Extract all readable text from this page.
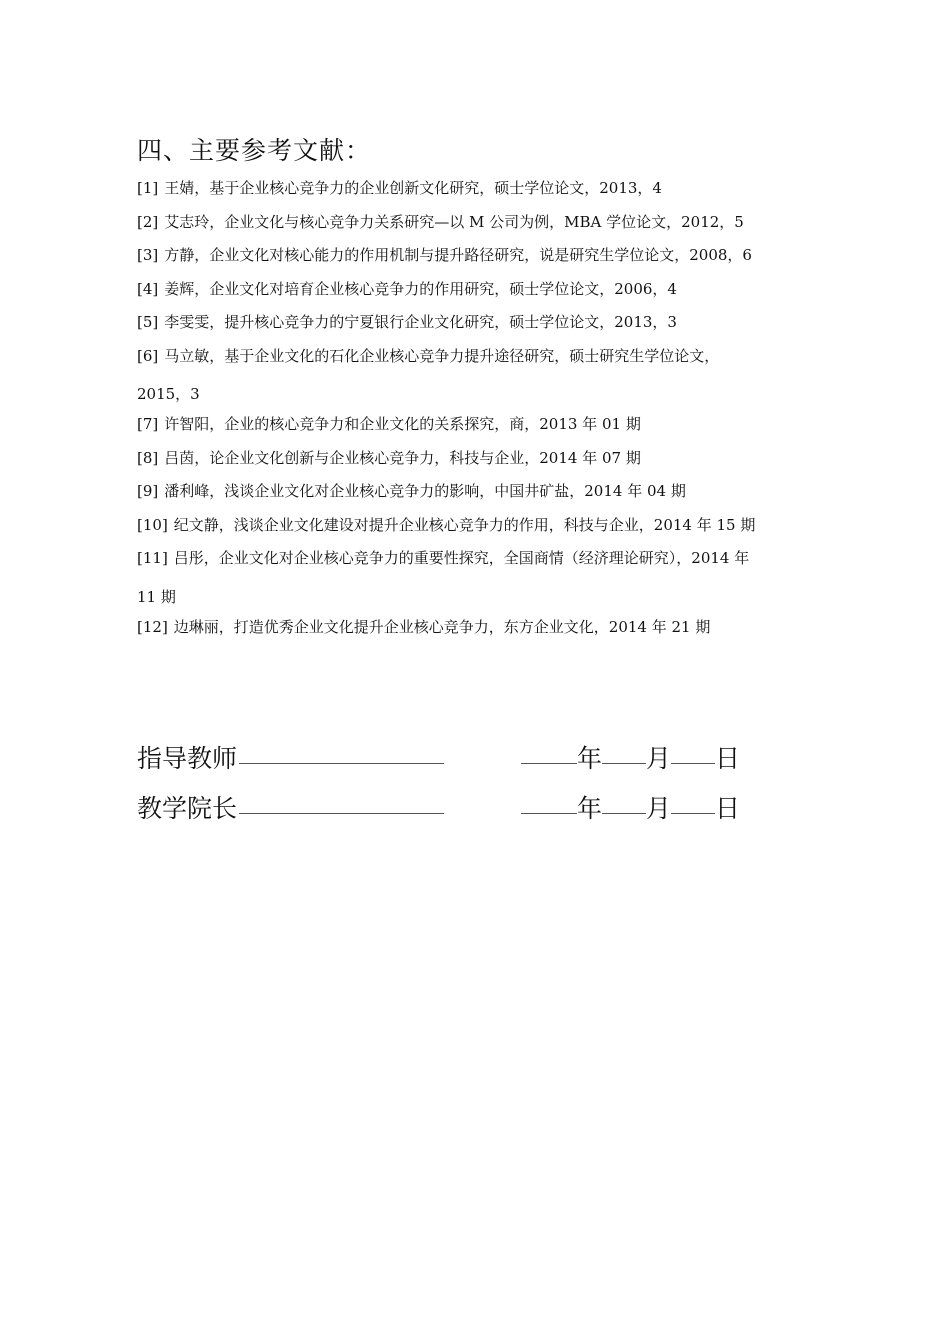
四、主要参考文献：
[1] 王婧，基于企业核心竞争力的企业创新文化研究，硕士学位论文，2013，4
[2] 艾志玲，企业文化与核心竞争力关系研究—以 M 公司为例，MBA 学位论文，2012，5
[3] 方静，企业文化对核心能力的作用机制与提升路径研究，说是研究生学位论文，2008，6
[4] 姜辉，企业文化对培育企业核心竞争力的作用研究，硕士学位论文，2006，4
[5] 李雯雯，提升核心竞争力的宁夏银行企业文化研究，硕士学位论文，2013，3
[6] 马立敏，基于企业文化的石化企业核心竞争力提升途径研究，硕士研究生学位论文，
2015，3
[7] 许智阳，企业的核心竞争力和企业文化的关系探究，商，2013 年 01 期
[8] 吕茵，论企业文化创新与企业核心竞争力，科技与企业，2014 年 07 期
[9] 潘利峰，浅谈企业文化对企业核心竞争力的影响，中国井矿盐，2014 年 04 期
[10] 纪文静，浅谈企业文化建设对提升企业核心竞争力的作用，科技与企业，2014 年 15 期
[11] 吕彤，企业文化对企业核心竞争力的重要性探究，全国商情（经济理论研究），2014 年
11 期
[12] 边琳丽，打造优秀企业文化提升企业核心竞争力，东方企业文化，2014 年 21 期
指导教师	年 月 日
教学院长	年 月 日
